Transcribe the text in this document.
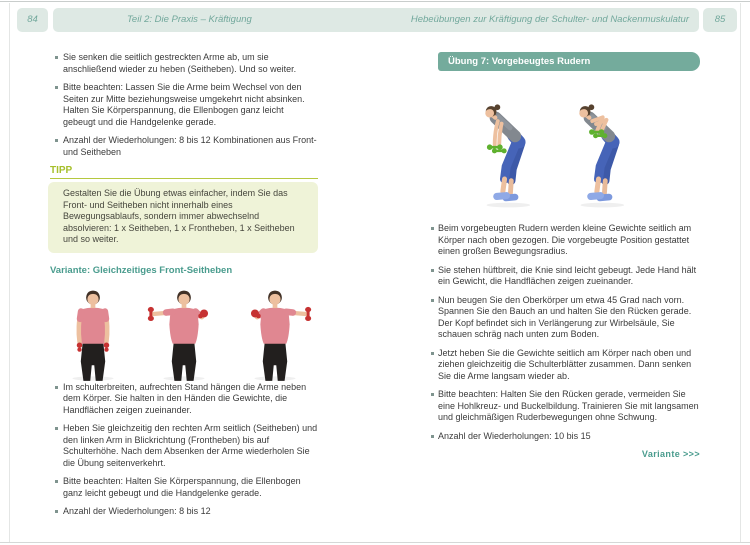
84	Teil 2: Die Praxis – Kräftigung	Hebeübungen zur Kräftigung der Schulter- und Nackenmuskulatur	85
Sie senken die seitlich gestreckten Arme ab, um sie anschließend wieder zu heben (Seitheben). Und so weiter.
Bitte beachten: Lassen Sie die Arme beim Wechsel von den Seiten zur Mitte beziehungsweise umgekehrt nicht absinken. Halten Sie Körperspannung, die Ellenbogen ganz leicht gebeugt und die Handgelenke gerade.
Anzahl der Wiederholungen: 8 bis 12 Kombinationen aus Front- und Seitheben
TIPP
Gestalten Sie die Übung etwas einfacher, indem Sie das Front- und Seitheben nicht innerhalb eines Bewegungsablaufs, sondern immer abwechselnd absolvieren: 1 x Seitheben, 1 x Frontheben, 1 x Seitheben und so weiter.
Variante: Gleichzeitiges Front-Seitheben
Im schulterbreiten, aufrechten Stand hängen die Arme neben dem Körper. Sie halten in den Händen die Gewichte, die Handflächen zeigen zueinander.
Heben Sie gleichzeitig den rechten Arm seitlich (Seitheben) und den linken Arm in Blickrichtung (Frontheben) bis auf Schulterhöhe. Nach dem Absenken der Arme wiederholen Sie die Übung seitenverkehrt.
Bitte beachten: Halten Sie Körperspannung, die Ellenbogen ganz leicht gebeugt und die Handgelenke gerade.
Anzahl der Wiederholungen: 8 bis 12
Übung 7: Vorgebeugtes Rudern
Beim vorgebeugten Rudern werden kleine Gewichte seitlich am Körper nach oben gezogen. Die vorgebeugte Position gestattet einen großen Bewegungsradius.
Sie stehen hüftbreit, die Knie sind leicht gebeugt. Jede Hand hält ein Gewicht, die Handflächen zeigen zueinander.
Nun beugen Sie den Oberkörper um etwa 45 Grad nach vorn. Spannen Sie den Bauch an und halten Sie den Rücken gerade. Der Kopf befindet sich in Verlängerung zur Wirbelsäule, Sie schauen schräg nach unten zum Boden.
Jetzt heben Sie die Gewichte seitlich am Körper nach oben und ziehen gleichzeitig die Schulterblätter zusammen. Dann senken Sie die Arme langsam wieder ab.
Bitte beachten: Halten Sie den Rücken gerade, vermeiden Sie eine Hohlkreuz- und Buckelbildung. Trainieren Sie mit langsamen und gleichmäßigen Ruderbewegungen ohne Schwung.
Anzahl der Wiederholungen: 10 bis 15
Variante >>>
